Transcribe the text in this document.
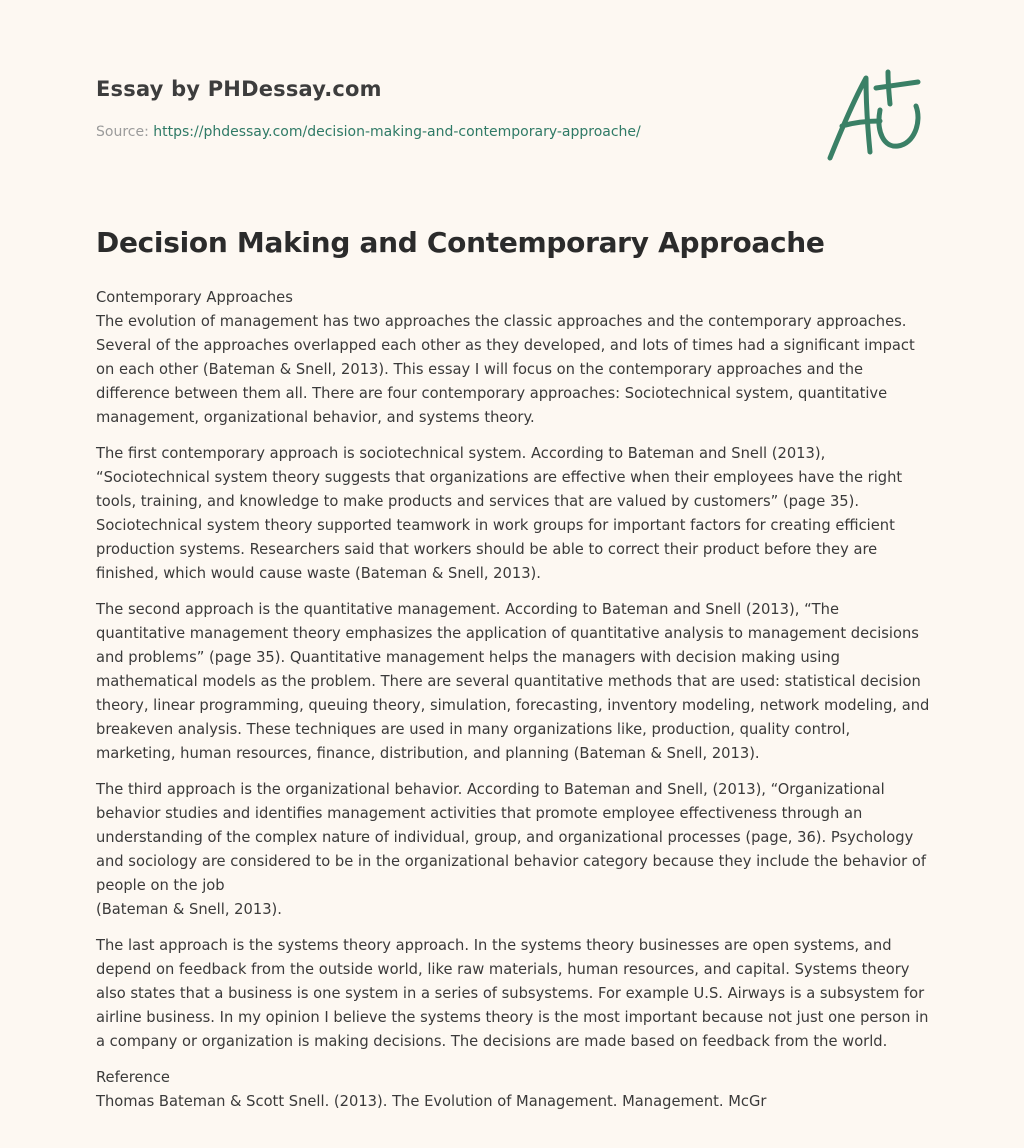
Essay by PHDessay.com
Source: https://phdessay.com/decision-making-and-contemporary-approache/
Decision Making and Contemporary Approache

Contemporary Approaches
The evolution of management has two approaches the classic approaches and the contemporary approaches. Several of the approaches overlapped each other as they developed, and lots of times had a significant impact on each other (Bateman & Snell, 2013). This essay I will focus on the contemporary approaches and the difference between them all. There are four contemporary approaches: Sociotechnical system, quantitative management, organizational behavior, and systems theory.

The first contemporary approach is sociotechnical system. According to Bateman and Snell (2013), “Sociotechnical system theory suggests that organizations are effective when their employees have the right tools, training, and knowledge to make products and services that are valued by customers” (page 35). Sociotechnical system theory supported teamwork in work groups for important factors for creating efficient production systems. Researchers said that workers should be able to correct their product before they are finished, which would cause waste (Bateman & Snell, 2013).

The second approach is the quantitative management. According to Bateman and Snell (2013), “The quantitative management theory emphasizes the application of quantitative analysis to management decisions and problems” (page 35). Quantitative management helps the managers with decision making using mathematical models as the problem. There are several quantitative methods that are used: statistical decision theory, linear programming, queuing theory, simulation, forecasting, inventory modeling, network modeling, and breakeven analysis. These techniques are used in many organizations like, production, quality control, marketing, human resources, finance, distribution, and planning (Bateman & Snell, 2013).

The third approach is the organizational behavior. According to Bateman and Snell, (2013), “Organizational behavior studies and identifies management activities that promote employee effectiveness through an understanding of the complex nature of individual, group, and organizational processes (page, 36). Psychology and sociology are considered to be in the organizational behavior category because they include the behavior of people on the job
(Bateman & Snell, 2013).

The last approach is the systems theory approach. In the systems theory businesses are open systems, and depend on feedback from the outside world, like raw materials, human resources, and capital. Systems theory also states that a business is one system in a series of subsystems. For example U.S. Airways is a subsystem for airline business. In my opinion I believe the systems theory is the most important because not just one person in a company or organization is making decisions. The decisions are made based on feedback from the world.

Reference
Thomas Bateman & Scott Snell. (2013). The Evolution of Management. Management. McGr
